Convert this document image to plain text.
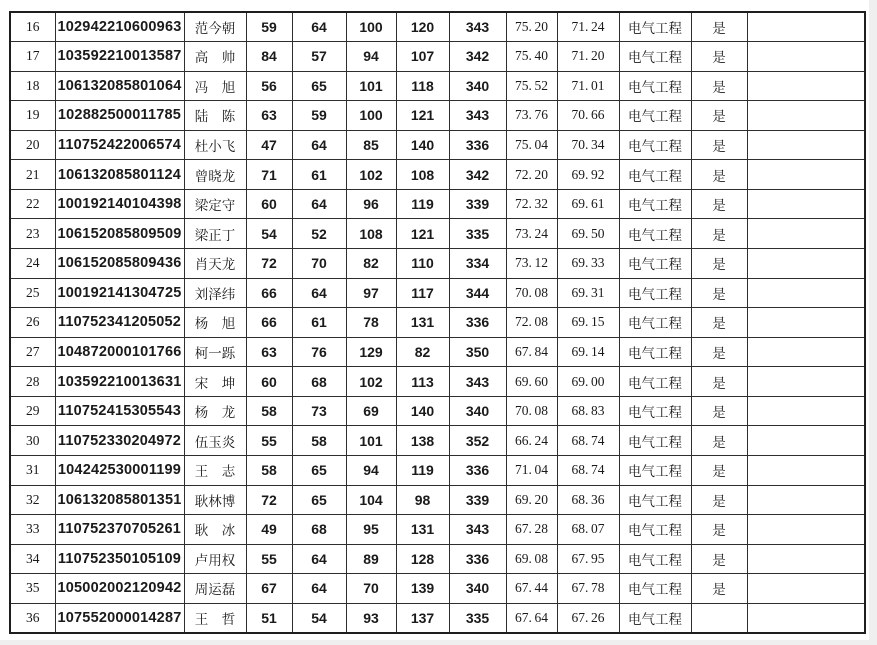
16	102942210600963	范今朝	59	64	100	120	343	75. 20	71. 24	电气工程	是	
17	103592210013587	高　帅	84	57	94	107	342	75. 40	71. 20	电气工程	是	
18	106132085801064	冯　旭	56	65	101	118	340	75. 52	71. 01	电气工程	是	
19	102882500011785	陆　陈	63	59	100	121	343	73. 76	70. 66	电气工程	是	
20	110752422006574	杜小飞	47	64	85	140	336	75. 04	70. 34	电气工程	是	
21	106132085801124	曾晓龙	71	61	102	108	342	72. 20	69. 92	电气工程	是	
22	100192140104398	梁定守	60	64	96	119	339	72. 32	69. 61	电气工程	是	
23	106152085809509	梁正丁	54	52	108	121	335	73. 24	69. 50	电气工程	是	
24	106152085809436	肖天龙	72	70	82	110	334	73. 12	69. 33	电气工程	是	
25	100192141304725	刘泽纬	66	64	97	117	344	70. 08	69. 31	电气工程	是	
26	110752341205052	杨　旭	66	61	78	131	336	72. 08	69. 15	电气工程	是	
27	104872000101766	柯一跞	63	76	129	82	350	67. 84	69. 14	电气工程	是	
28	103592210013631	宋　坤	60	68	102	113	343	69. 60	69. 00	电气工程	是	
29	110752415305543	杨　龙	58	73	69	140	340	70. 08	68. 83	电气工程	是	
30	110752330204972	伍玉炎	55	58	101	138	352	66. 24	68. 74	电气工程	是	
31	104242530001199	王　志	58	65	94	119	336	71. 04	68. 74	电气工程	是	
32	106132085801351	耿林博	72	65	104	98	339	69. 20	68. 36	电气工程	是	
33	110752370705261	耿　冰	49	68	95	131	343	67. 28	68. 07	电气工程	是	
34	110752350105109	卢用权	55	64	89	128	336	69. 08	67. 95	电气工程	是	
35	105002002120942	周运磊	67	64	70	139	340	67. 44	67. 78	电气工程	是	
36	107552000014287	王　哲	51	54	93	137	335	67. 64	67. 26	电气工程		
